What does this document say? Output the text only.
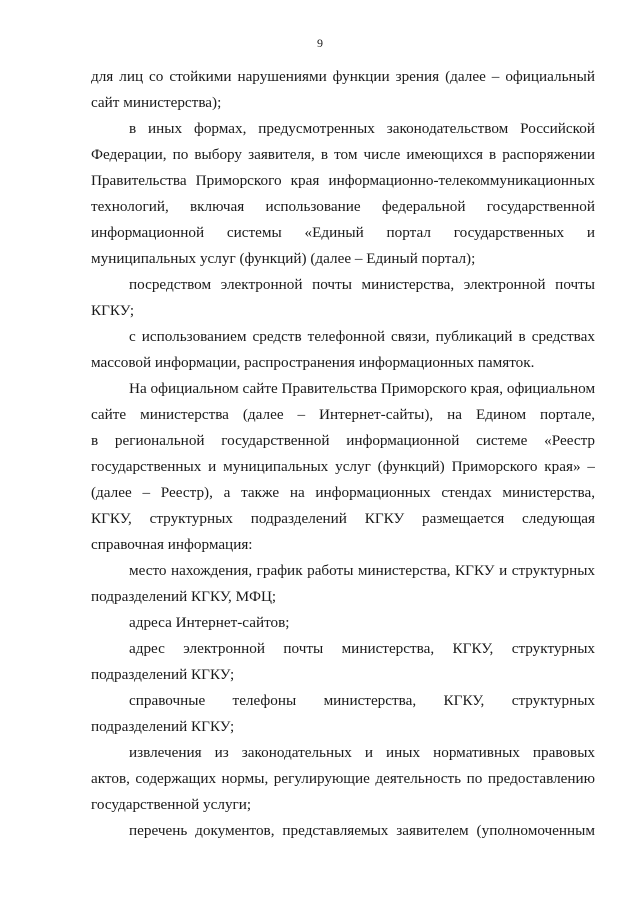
9
для лиц со стойкими нарушениями функции зрения (далее – официальный
сайт министерства);
в иных формах, предусмотренных законодательством Российской
Федерации, по выбору заявителя, в том числе имеющихся в распоряжении
Правительства Приморского края информационно-телекоммуникационных
технологий, включая использование федеральной государственной
информационной системы «Единый портал государственных и
муниципальных услуг (функций) (далее – Единый портал);
посредством электронной почты министерства, электронной почты
КГКУ;
с использованием средств телефонной связи, публикаций в средствах
массовой информации, распространения информационных памяток.
На официальном сайте Правительства Приморского края, официальном
сайте министерства (далее – Интернет-сайты), на Едином портале,
в региональной государственной информационной системе «Реестр
государственных и муниципальных услуг (функций) Приморского края» –
(далее – Реестр), а также на информационных стендах министерства,
КГКУ, структурных подразделений КГКУ размещается следующая
справочная информация:
место нахождения, график работы министерства, КГКУ и структурных
подразделений КГКУ, МФЦ;
адреса Интернет-сайтов;
адрес электронной почты министерства, КГКУ, структурных
подразделений КГКУ;
справочные телефоны министерства, КГКУ, структурных
подразделений КГКУ;
извлечения из законодательных и иных нормативных правовых
актов, содержащих нормы, регулирующие деятельность по предоставлению
государственной услуги;
перечень документов, представляемых заявителем (уполномоченным
